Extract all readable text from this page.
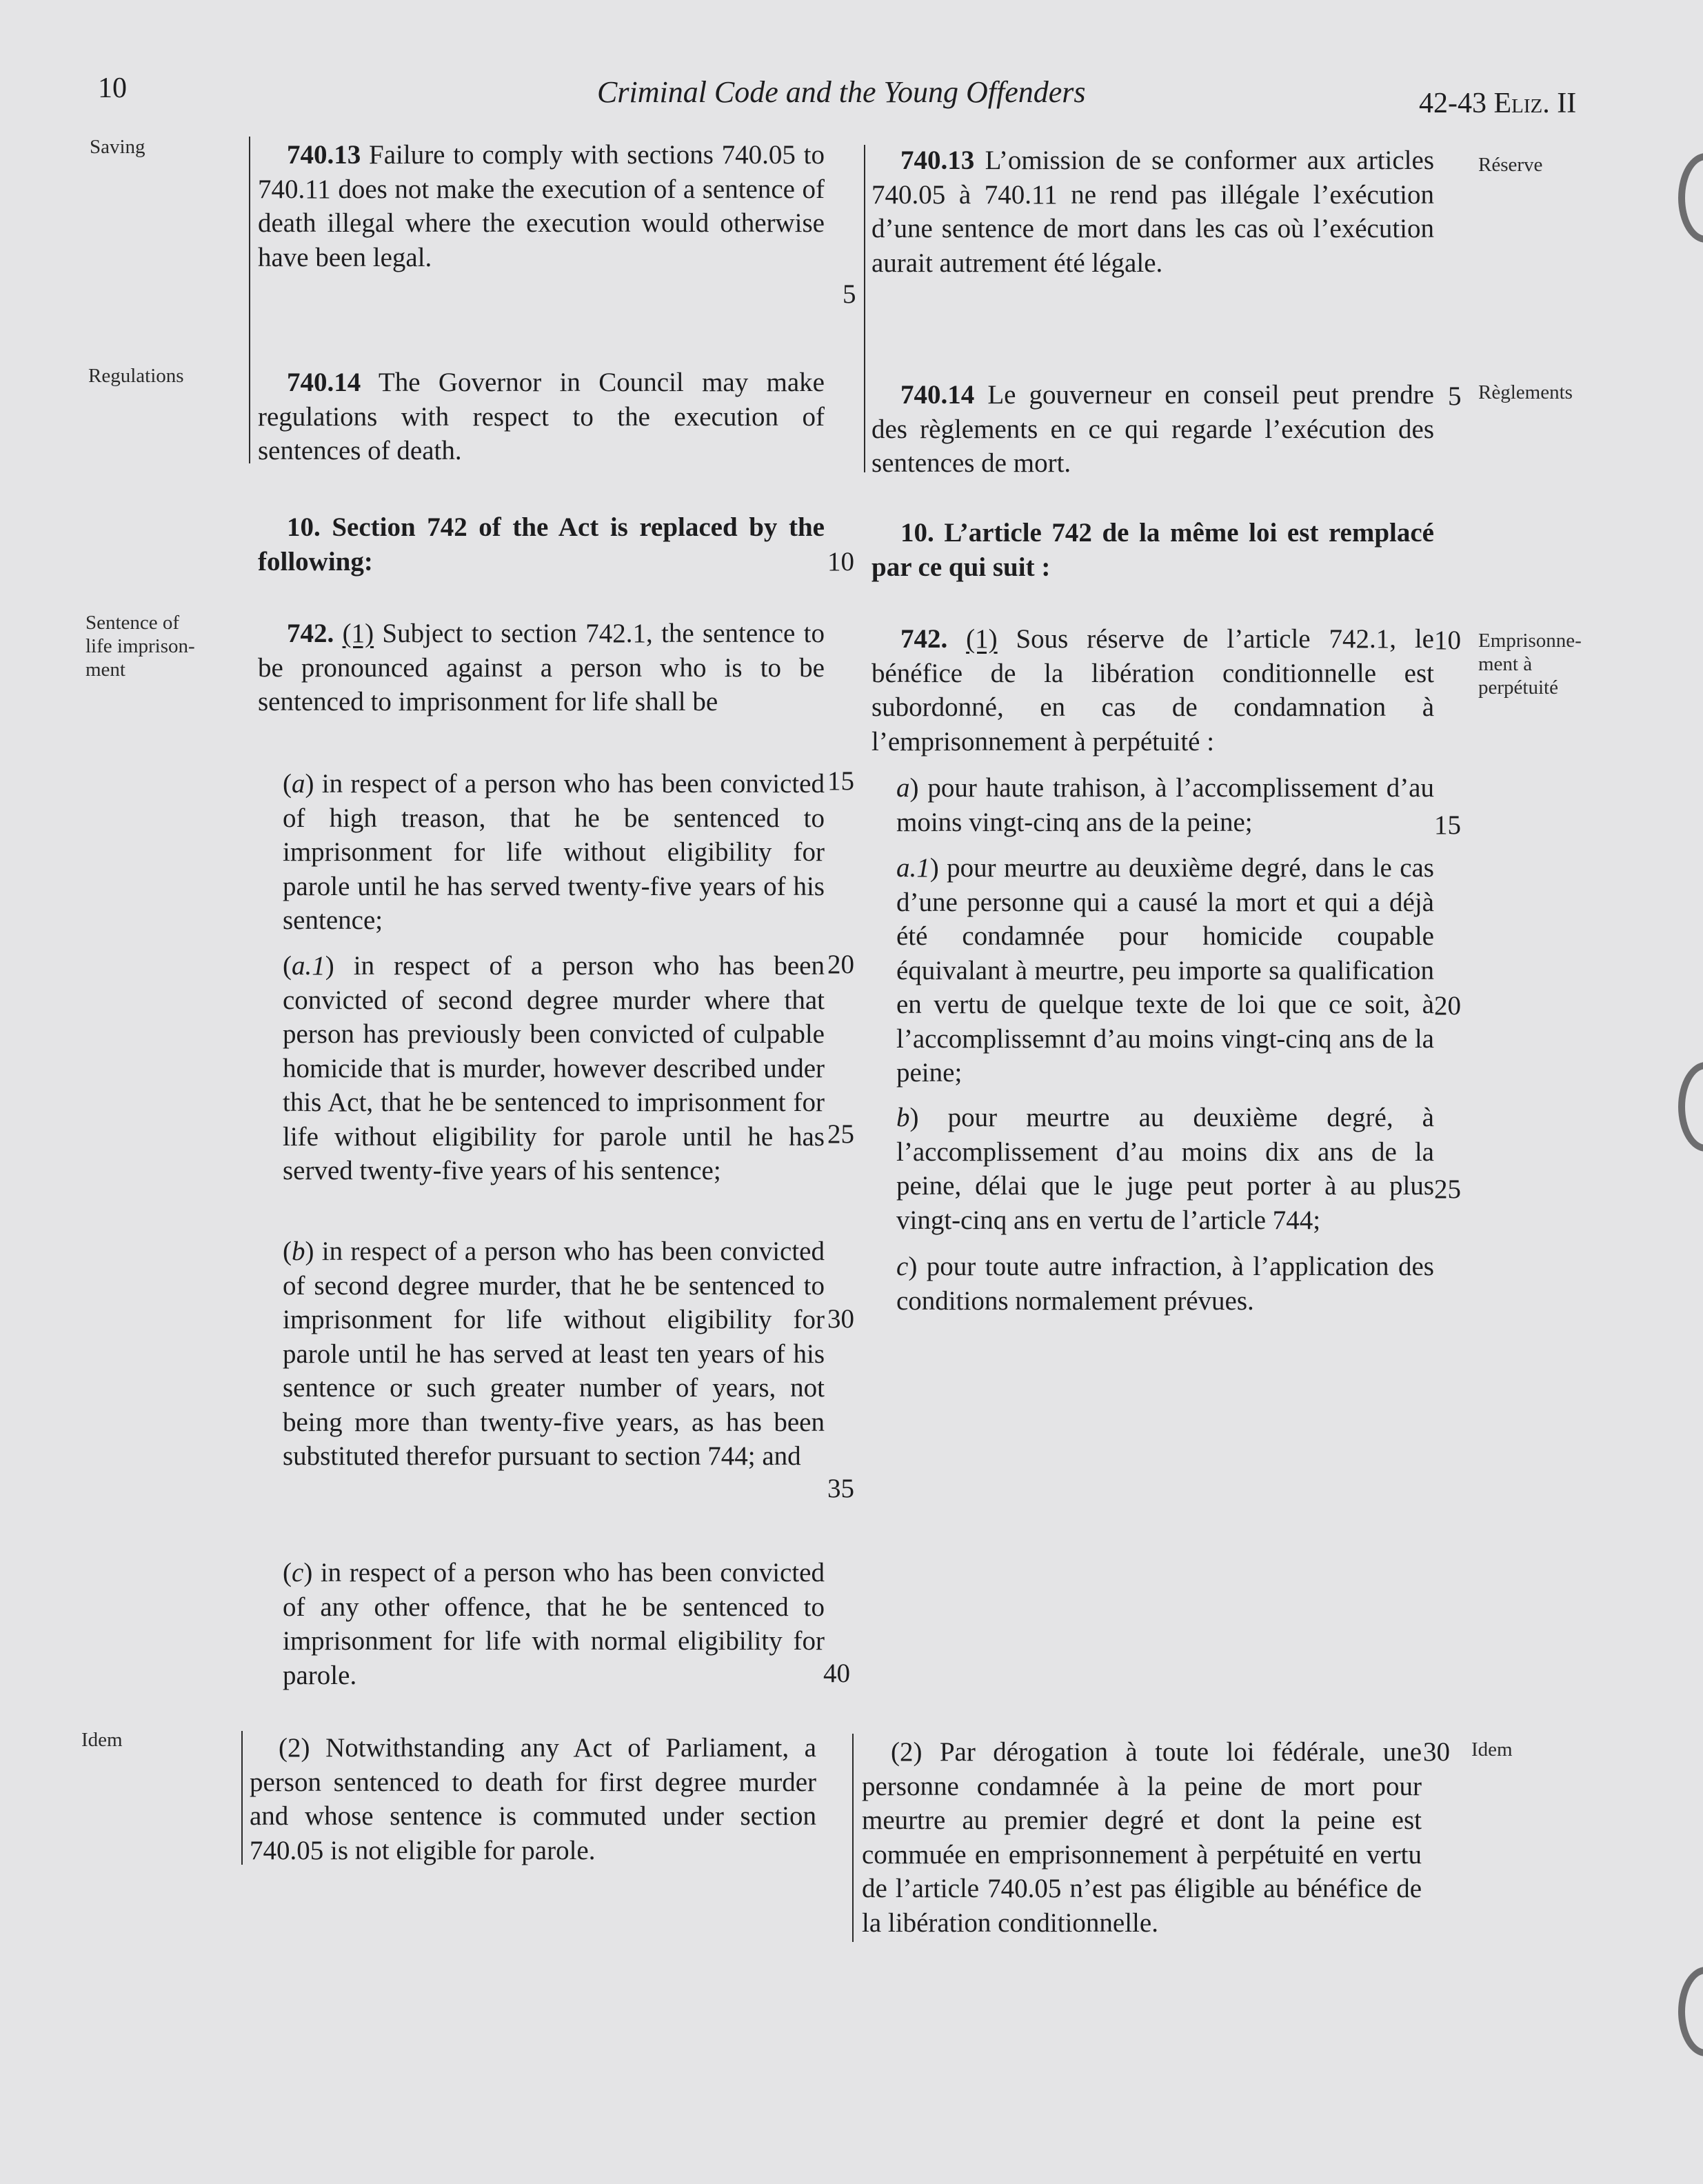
10	Criminal Code and the Young Offenders	42-43 Eliz. II
Saving
Regulations
Sentence of
life imprison-
ment
Idem
Réserve
Règlements
Emprisonne-
ment à
perpétuité
Idem
740.13 Failure to comply with sections 740.05 to 740.11 does not make the execution of a sentence of death illegal where the execution would otherwise have been legal.
740.14 The Governor in Council may make regulations with respect to the execution of sentences of death.
10. Section 742 of the Act is replaced by the following:
742. (1) Subject to section 742.1, the sentence to be pronounced against a person who is to be sentenced to imprisonment for life shall be
(a) in respect of a person who has been convicted of high treason, that he be sentenced to imprisonment for life without eligibility for parole until he has served twenty-five years of his sentence;
(a.1) in respect of a person who has been convicted of second degree murder where that person has previously been convicted of culpable homicide that is murder, however described under this Act, that he be sentenced to imprisonment for life without eligibility for parole until he has served twenty-five years of his sentence;
(b) in respect of a person who has been convicted of second degree murder, that he be sentenced to imprisonment for life without eligibility for parole until he has served at least ten years of his sentence or such greater number of years, not being more than twenty-five years, as has been substituted therefor pursuant to section 744; and
(c) in respect of a person who has been convicted of any other offence, that he be sentenced to imprisonment for life with normal eligibility for parole.
(2) Notwithstanding any Act of Parliament, a person sentenced to death for first degree murder and whose sentence is commuted under section 740.05 is not eligible for parole.
5
10
15
20
25
30
35
40
740.13 L’omission de se conformer aux articles 740.05 à 740.11 ne rend pas illégale l’exécution d’une sentence de mort dans les cas où l’exécution aurait autrement été légale.
740.14 Le gouverneur en conseil peut prendre des règlements en ce qui regarde l’exécution des sentences de mort.
10. L’article 742 de la même loi est remplacé par ce qui suit :
742. (1) Sous réserve de l’article 742.1, le bénéfice de la libération conditionnelle est subordonné, en cas de condamnation à l’emprisonnement à perpétuité :
a) pour haute trahison, à l’accomplissement d’au moins vingt-cinq ans de la peine;
a.1) pour meurtre au deuxième degré, dans le cas d’une personne qui a causé la mort et qui a déjà été condamnée pour homicide coupable équivalant à meurtre, peu importe sa qualification en vertu de quelque texte de loi que ce soit, à l’accomplissemnt d’au moins vingt-cinq ans de la peine;
b) pour meurtre au deuxième degré, à l’accomplissement d’au moins dix ans de la peine, délai que le juge peut porter à au plus vingt-cinq ans en vertu de l’article 744;
c) pour toute autre infraction, à l’application des conditions normalement prévues.
(2) Par dérogation à toute loi fédérale, une personne condamnée à la peine de mort pour meurtre au premier degré et dont la peine est commuée en emprisonnement à perpétuité en vertu de l’article 740.05 n’est pas éligible au bénéfice de la libération conditionnelle.
5
10
15
20
25
30
